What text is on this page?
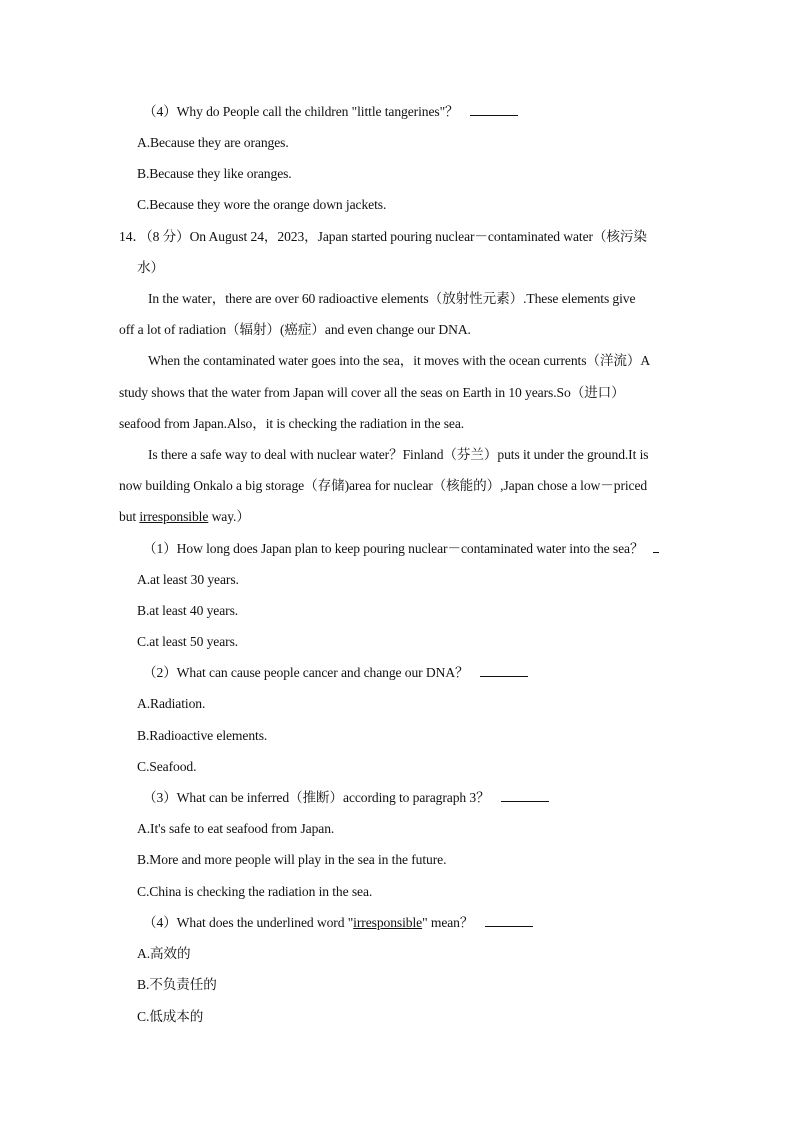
（4）Why do People call the children "little tangerines"？
A.Because they are oranges.
B.Because they like oranges.
C.Because they wore the orange down jackets.
14．（8 分）On August 24，2023，Japan started pouring nuclear－contaminated water（核污染
水）
In the water，there are over 60 radioactive elements（放射性元素）.These elements give
off a lot of radiation（辐射）(癌症）and even change our DNA.
When the contaminated water goes into the sea，it moves with the ocean currents（洋流）A
study shows that the water from Japan will cover all the seas on Earth in 10 years.So（进口）
seafood from Japan.Also，it is checking the radiation in the sea.
Is there a safe way to deal with nuclear water？Finland（芬兰）puts it under the ground.It is
now building Onkalo a big storage（存储)area for nuclear（核能的）,Japan chose a low－priced
but irresponsible way.）
（1）How long does Japan plan to keep pouring nuclear－contaminated water into the sea？
A.at least 30 years.
B.at least 40 years.
C.at least 50 years.
（2）What can cause people cancer and change our DNA？
A.Radiation.
B.Radioactive elements.
C.Seafood.
（3）What can be inferred（推断）according to paragraph 3？
A.It's safe to eat seafood from Japan.
B.More and more people will play in the sea in the future.
C.China is checking the radiation in the sea.
（4）What does the underlined word "irresponsible" mean？
A.高效的
B.不负责任的
C.低成本的
